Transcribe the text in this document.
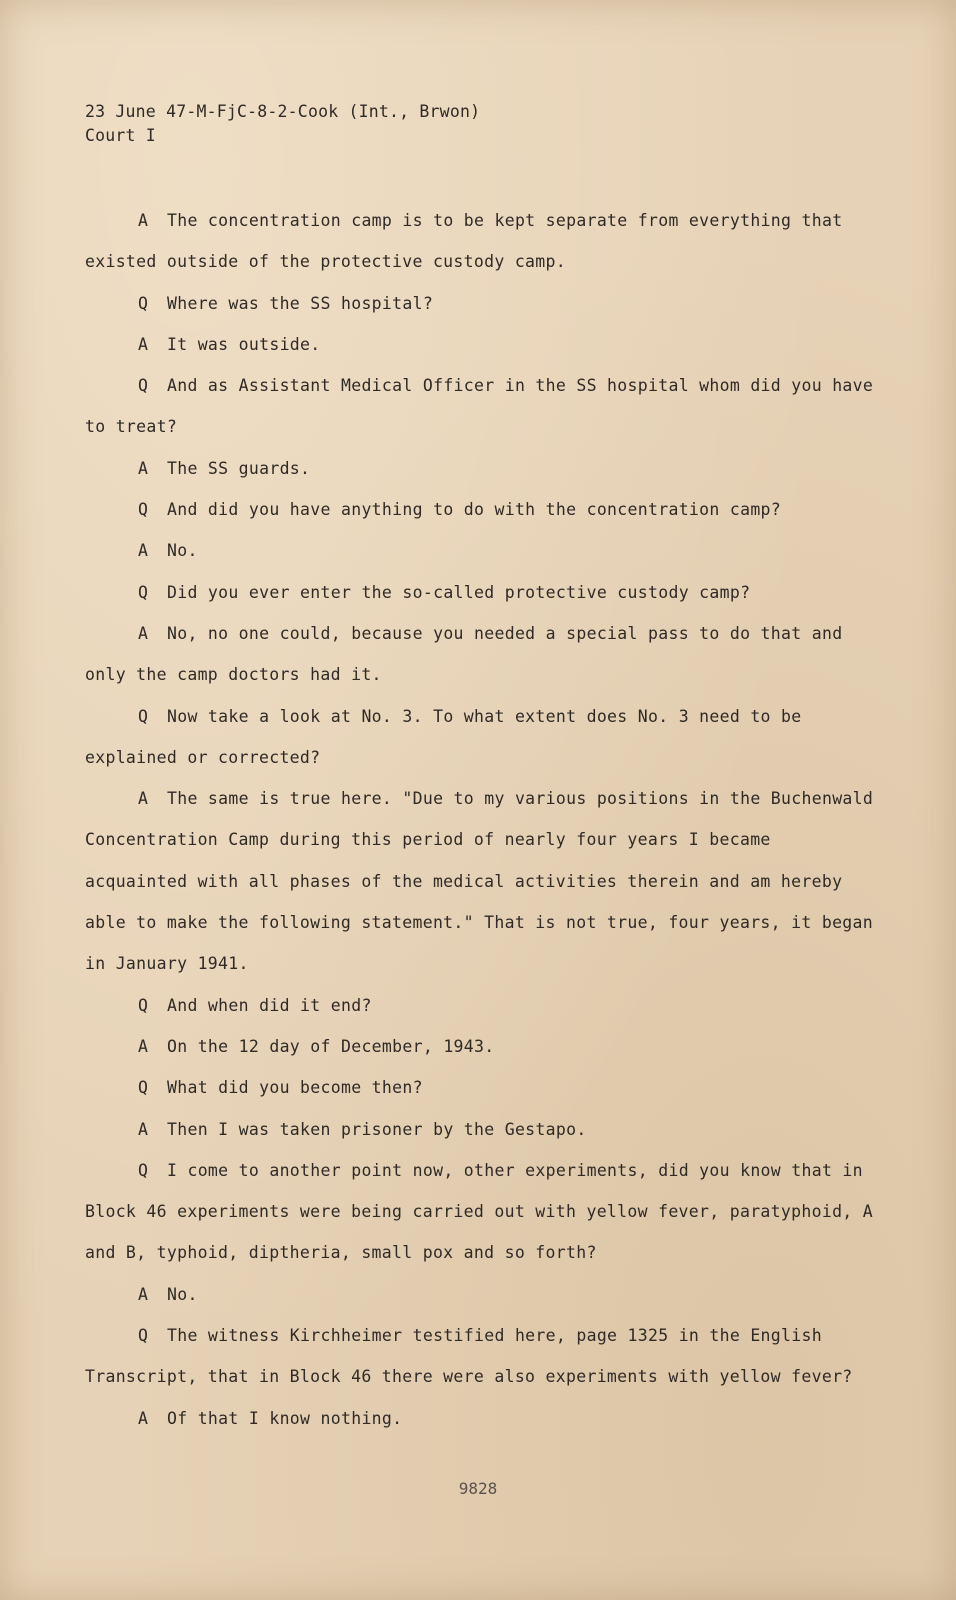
23 June 47-M-FjC-8-2-Cook (Int., Brwon)
Court I

A The concentration camp is to be kept separate from everything that existed outside of the protective custody camp.

Q Where was the SS hospital?

A It was outside.

Q And as Assistant Medical Officer in the SS hospital whom did you have to treat?

A The SS guards.

Q And did you have anything to do with the concentration camp?

A No.

Q Did you ever enter the so-called protective custody camp?

A No, no one could, because you needed a special pass to do that and only the camp doctors had it.

Q Now take a look at No. 3. To what extent does No. 3 need to be explained or corrected?

A The same is true here. "Due to my various positions in the Buchenwald Concentration Camp during this period of nearly four years I became acquainted with all phases of the medical activities therein and am hereby able to make the following statement." That is not true, four years, it began in January 1941.

Q And when did it end?

A On the 12 day of December, 1943.

Q What did you become then?

A Then I was taken prisoner by the Gestapo.

Q I come to another point now, other experiments, did you know that in Block 46 experiments were being carried out with yellow fever, paratyphoid, A and B, typhoid, diptheria, small pox and so forth?

A No.

Q The witness Kirchheimer testified here, page 1325 in the English Transcript, that in Block 46 there were also experiments with yellow fever?

A Of that I know nothing.

9828
